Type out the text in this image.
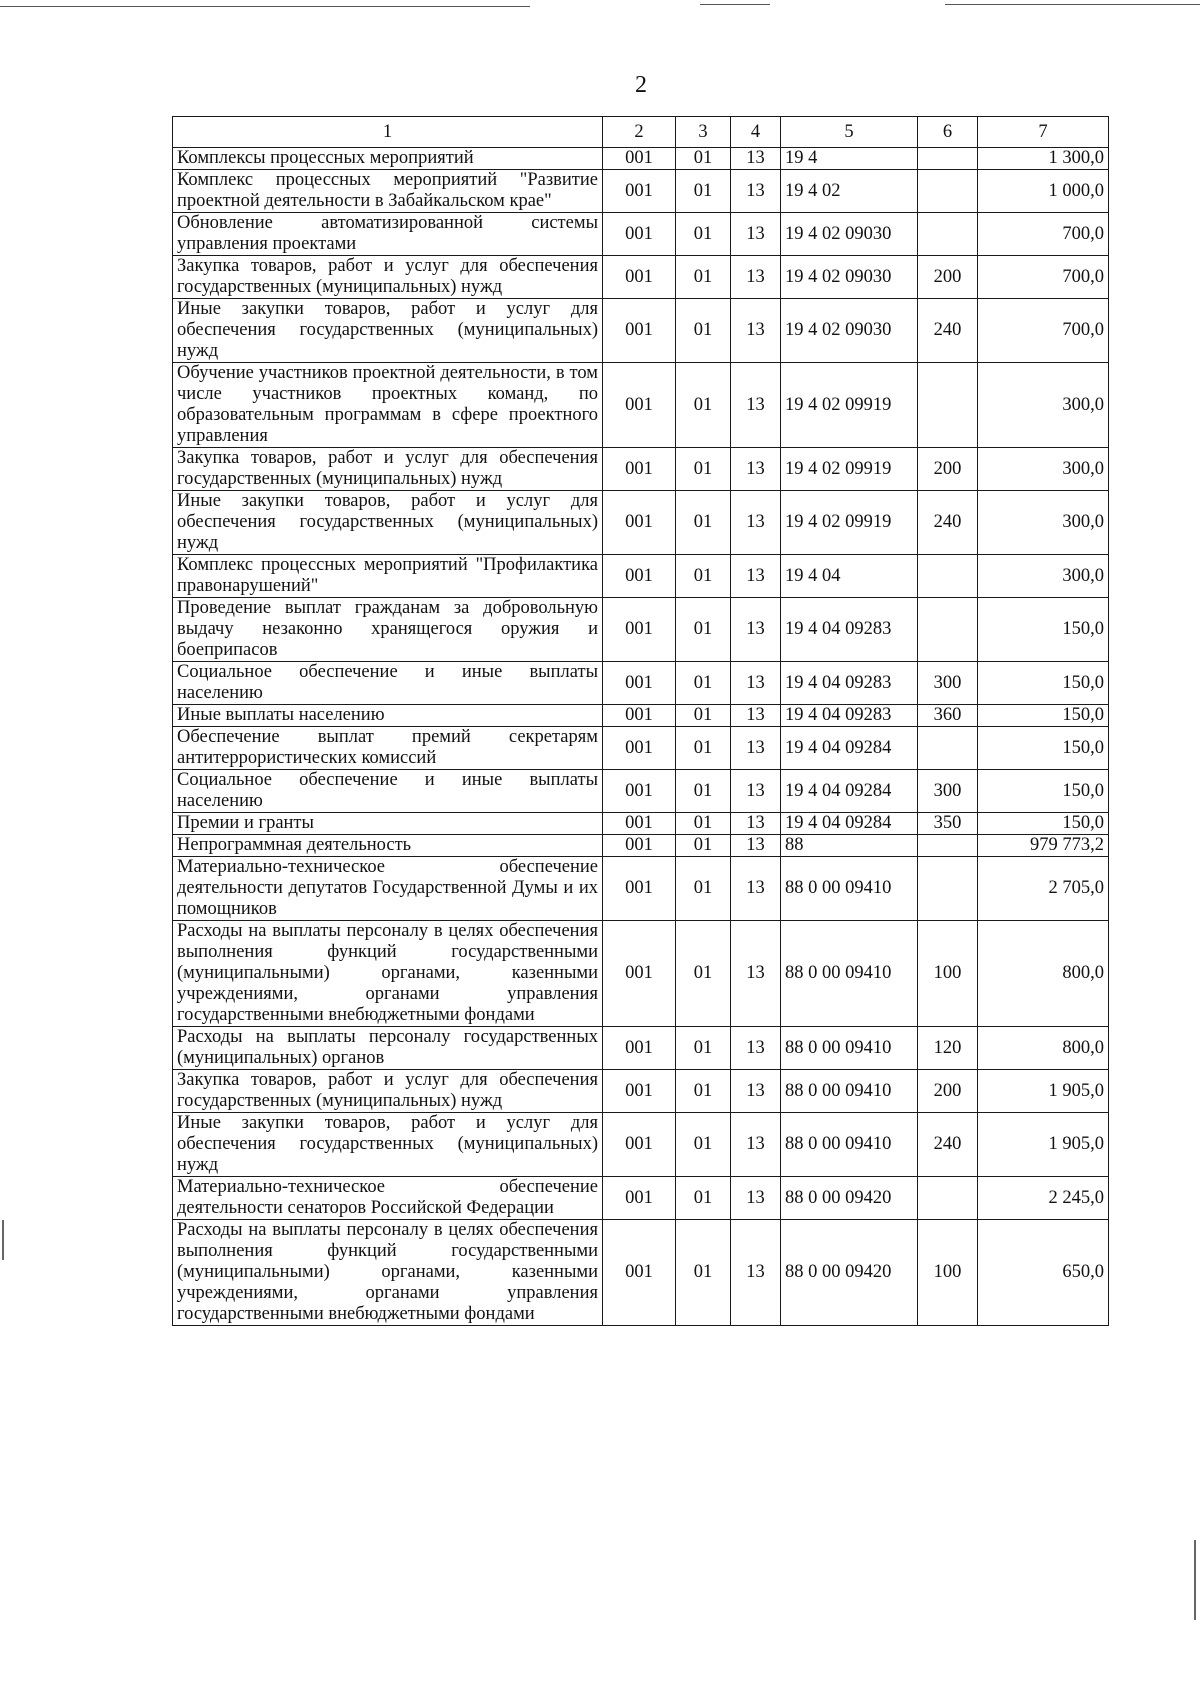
2
1	2	3	4	5	6	7
Комплексы процессных мероприятий	001	01	13	19 4		1 300,0
Комплекс процессных мероприятий "Развитие проектной деятельности в Забайкальском крае"	001	01	13	19 4 02		1 000,0
Обновление автоматизированной системы управления проектами	001	01	13	19 4 02 09030		700,0
Закупка товаров, работ и услуг для обеспечения государственных (муниципальных) нужд	001	01	13	19 4 02 09030	200	700,0
Иные закупки товаров, работ и услуг для обеспечения государственных (муниципальных) нужд	001	01	13	19 4 02 09030	240	700,0
Обучение участников проектной деятельности, в том числе участников проектных команд, по образовательным программам в сфере проектного управления	001	01	13	19 4 02 09919		300,0
Закупка товаров, работ и услуг для обеспечения государственных (муниципальных) нужд	001	01	13	19 4 02 09919	200	300,0
Иные закупки товаров, работ и услуг для обеспечения государственных (муниципальных) нужд	001	01	13	19 4 02 09919	240	300,0
Комплекс процессных мероприятий "Профилактика правонарушений"	001	01	13	19 4 04		300,0
Проведение выплат гражданам за добровольную выдачу незаконно хранящегося оружия и боеприпасов	001	01	13	19 4 04 09283		150,0
Социальное обеспечение и иные выплаты населению	001	01	13	19 4 04 09283	300	150,0
Иные выплаты населению	001	01	13	19 4 04 09283	360	150,0
Обеспечение выплат премий секретарям антитеррористических комиссий	001	01	13	19 4 04 09284		150,0
Социальное обеспечение и иные выплаты населению	001	01	13	19 4 04 09284	300	150,0
Премии и гранты	001	01	13	19 4 04 09284	350	150,0
Непрограммная деятельность	001	01	13	88		979 773,2
Материально-техническое обеспечение деятельности депутатов Государственной Думы и их помощников	001	01	13	88 0 00 09410		2 705,0
Расходы на выплаты персоналу в целях обеспечения выполнения функций государственными (муниципальными) органами, казенными учреждениями, органами управления государственными внебюджетными фондами	001	01	13	88 0 00 09410	100	800,0
Расходы на выплаты персоналу государственных (муниципальных) органов	001	01	13	88 0 00 09410	120	800,0
Закупка товаров, работ и услуг для обеспечения государственных (муниципальных) нужд	001	01	13	88 0 00 09410	200	1 905,0
Иные закупки товаров, работ и услуг для обеспечения государственных (муниципальных) нужд	001	01	13	88 0 00 09410	240	1 905,0
Материально-техническое обеспечение деятельности сенаторов Российской Федерации	001	01	13	88 0 00 09420		2 245,0
Расходы на выплаты персоналу в целях обеспечения выполнения функций государственными (муниципальными) органами, казенными учреждениями, органами управления государственными внебюджетными фондами	001	01	13	88 0 00 09420	100	650,0
